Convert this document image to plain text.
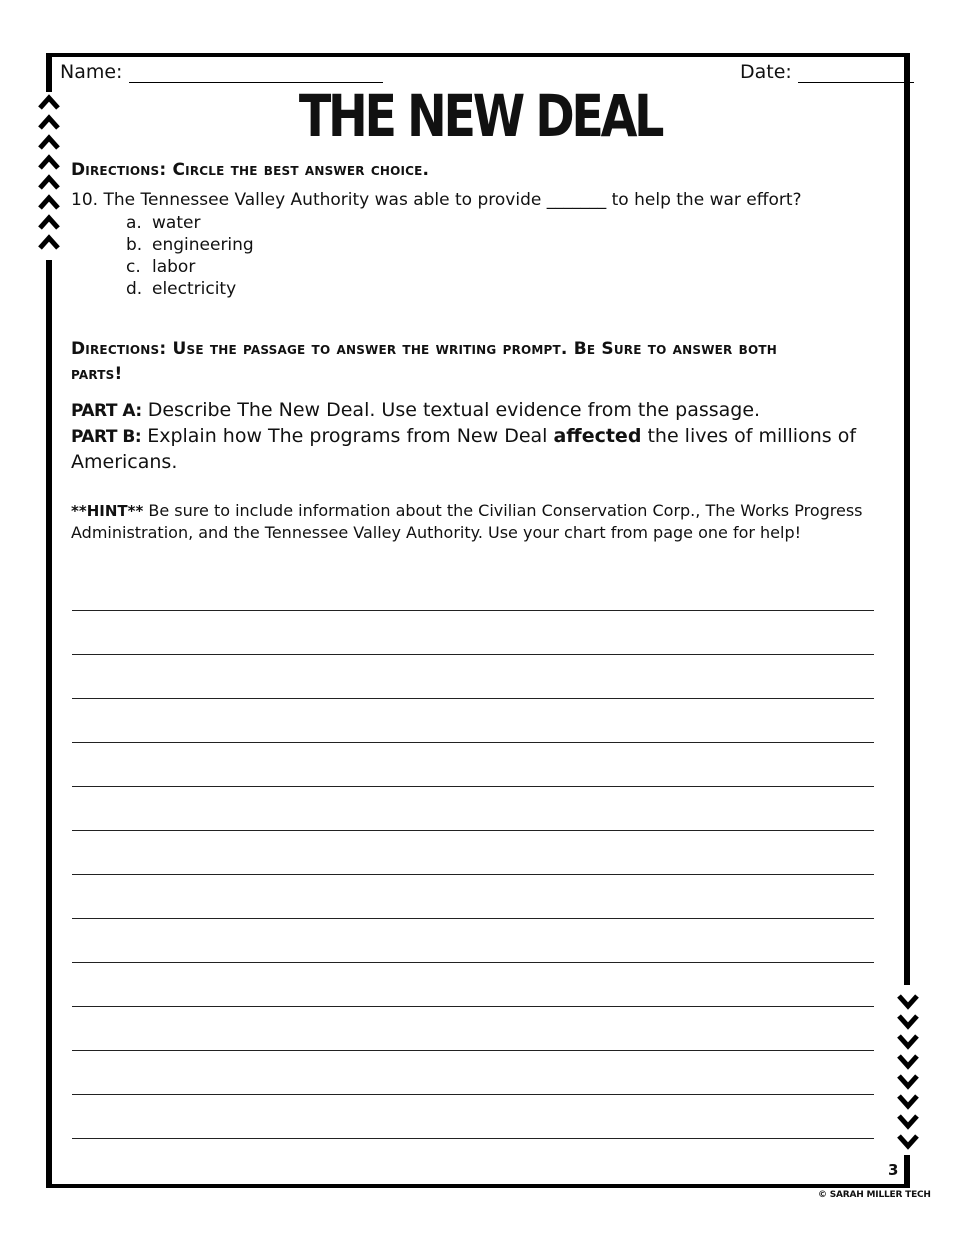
Name:	Date:
THE NEW DEAL
Directions: Circle the best answer choice.
10. The Tennessee Valley Authority was able to provide _______ to help the war effort?
a. water
b. engineering
c. labor
d. electricity
Directions: Use the passage to answer the writing prompt. Be Sure to answer both
parts!
PART A: Describe The New Deal. Use textual evidence from the passage.
PART B: Explain how The programs from New Deal affected the lives of millions of
Americans.
**HINT** Be sure to include information about the Civilian Conservation Corp., The Works Progress Administration, and the Tennessee Valley Authority. Use your chart from page one for help!
3
© SARAH MILLER TECH
